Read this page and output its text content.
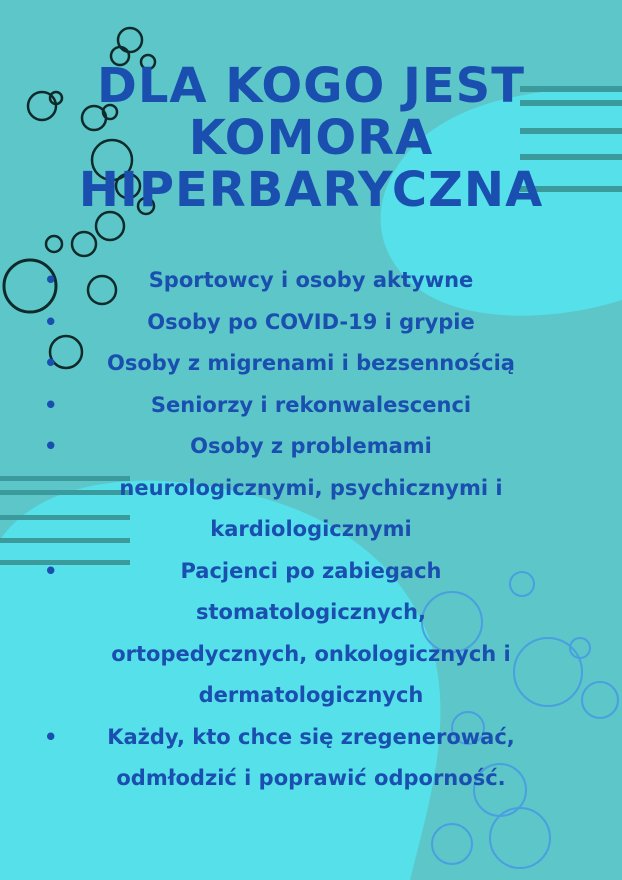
DLA KOGO JEST
KOMORA
HIPERBARYCZNA
•	Sportowcy i osoby aktywne
•	Osoby po COVID-19 i grypie
•	Osoby z migrenami i bezsennością
•	Seniorzy i rekonwalescenci
•	Osoby z problemami
neurologicznymi, psychicznymi i
kardiologicznymi
•	Pacjenci po zabiegach
stomatologicznych,
ortopedycznych, onkologicznych i
dermatologicznych
•	Każdy, kto chce się zregenerować,
odmłodzić i poprawić odporność.
